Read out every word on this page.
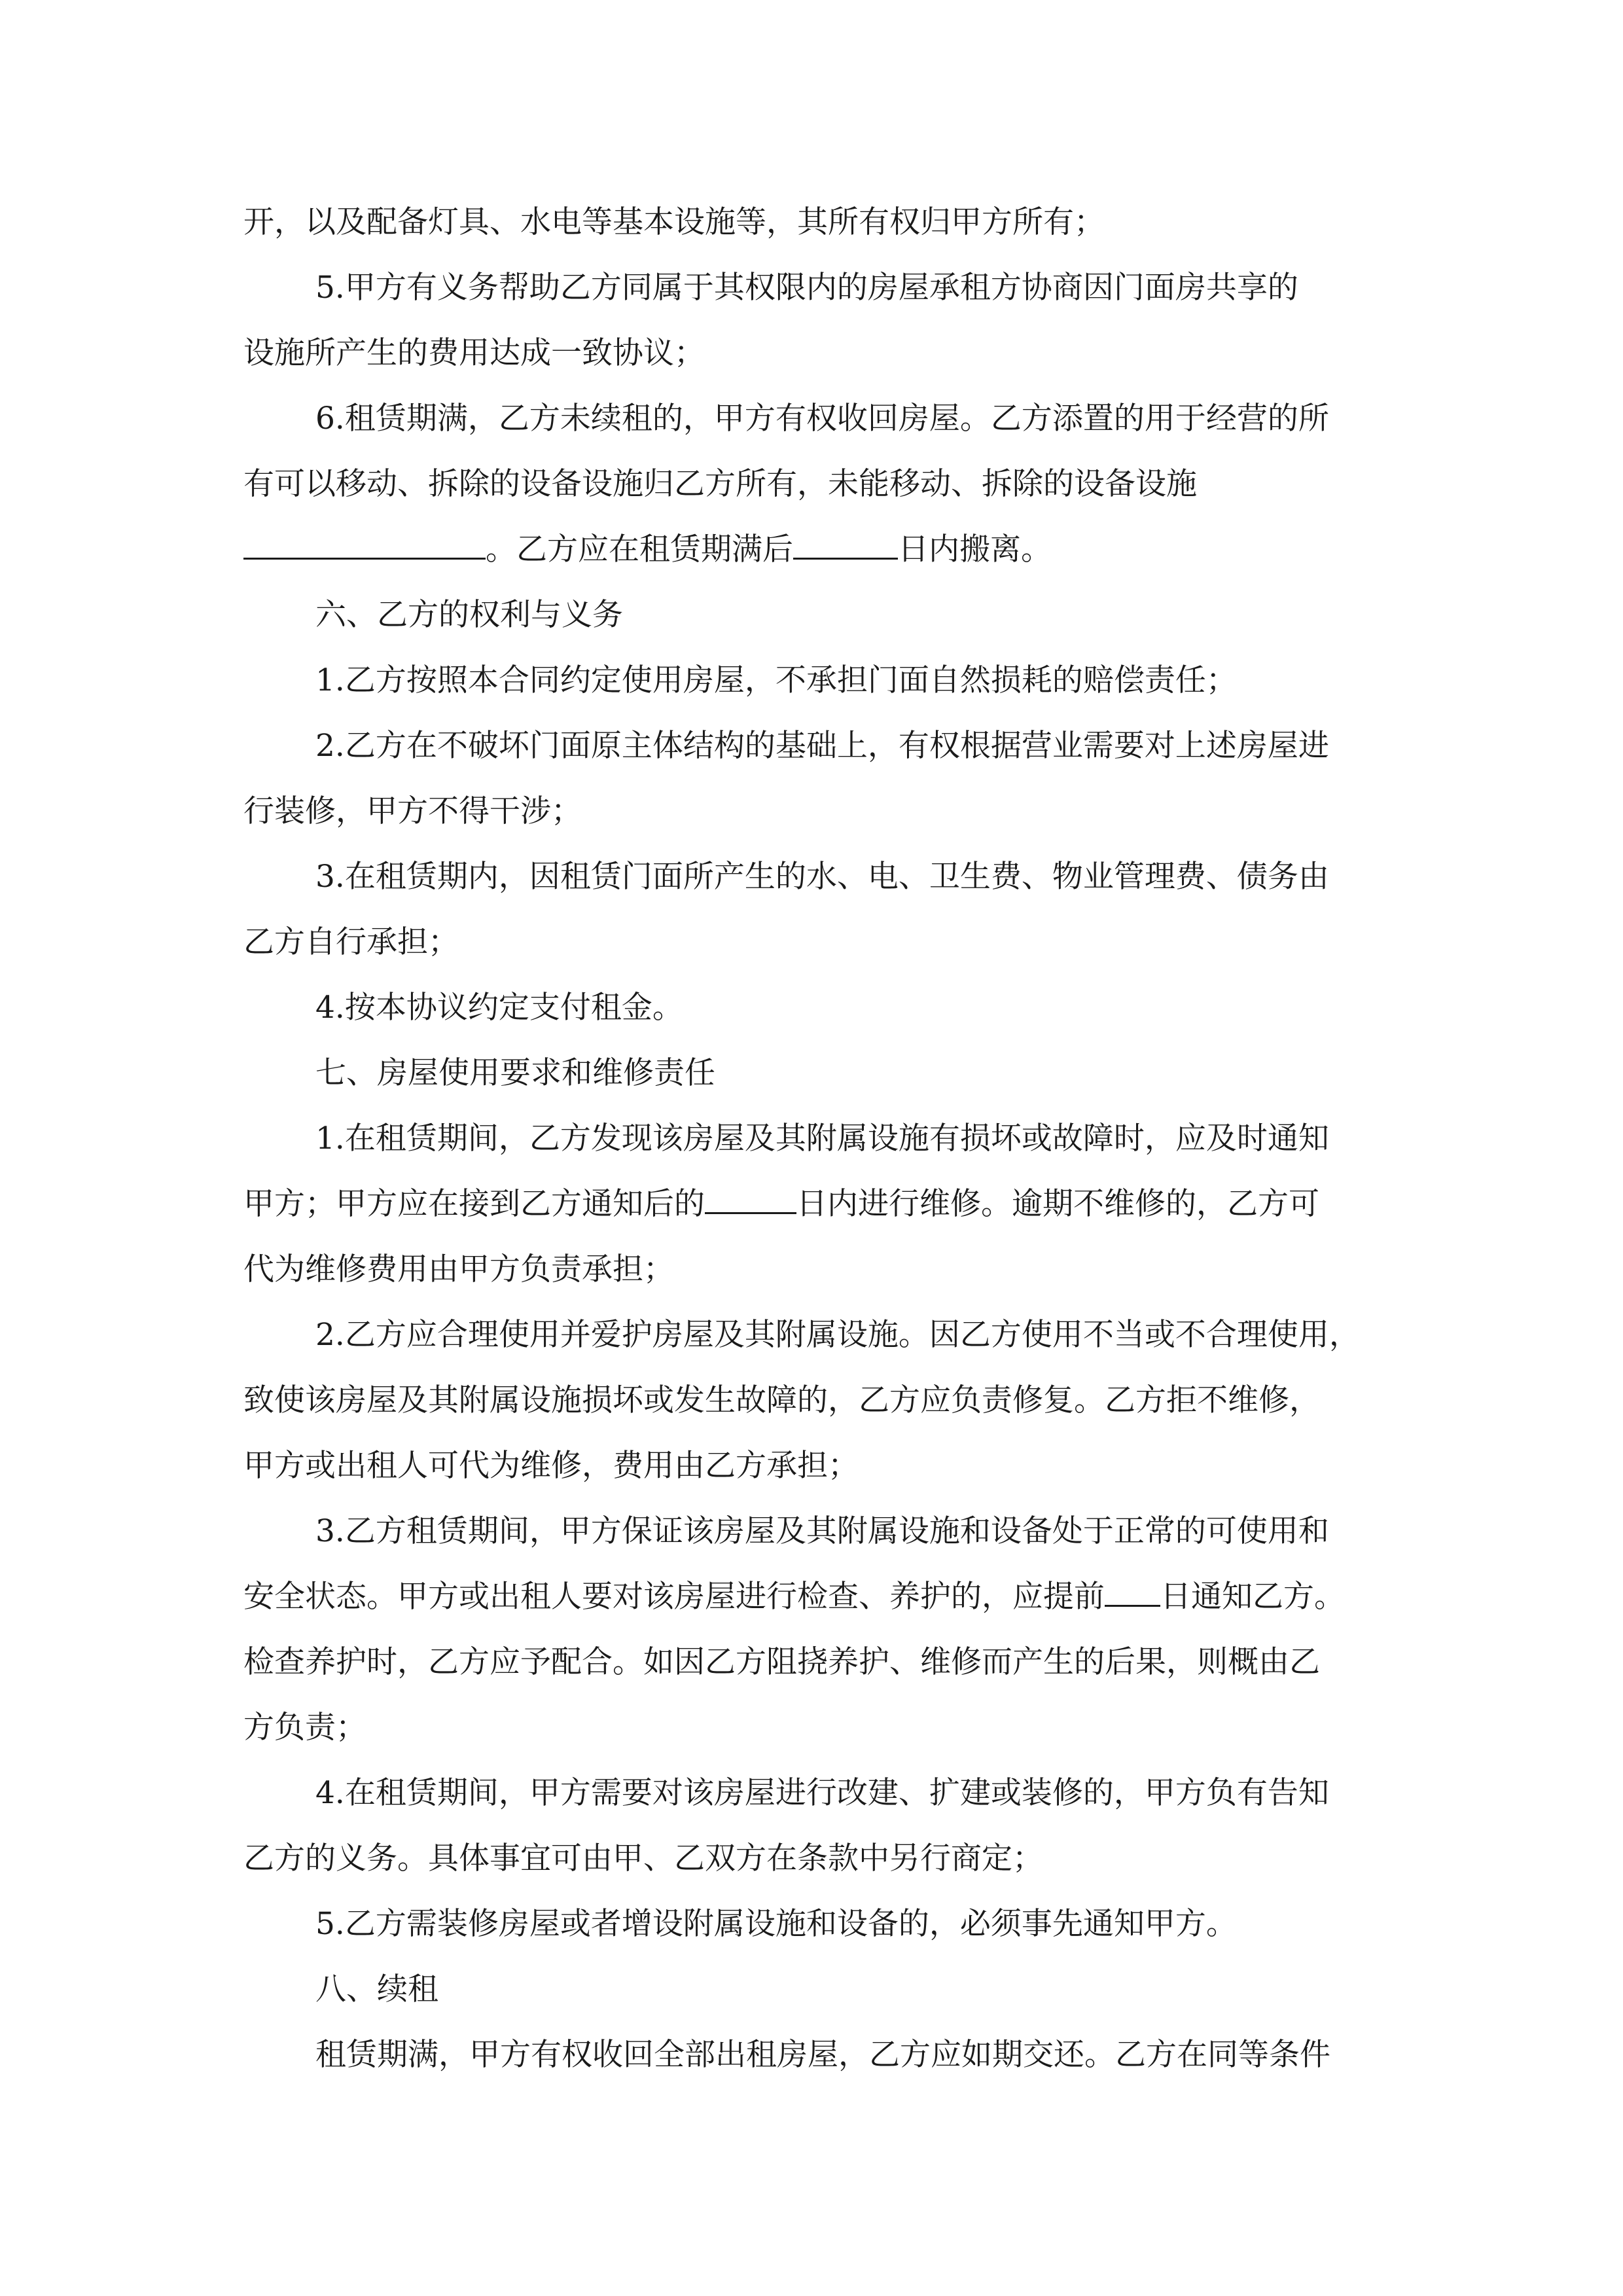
开，以及配备灯具、水电等基本设施等，其所有权归甲方所有；
5.甲方有义务帮助乙方同属于其权限内的房屋承租方协商因门面房共享的
设施所产生的费用达成一致协议；
6.租赁期满，乙方未续租的，甲方有权收回房屋。乙方添置的用于经营的所
有可以移动、拆除的设备设施归乙方所有，未能移动、拆除的设备设施
。乙方应在租赁期满后	日内搬离。
六、乙方的权利与义务
1.乙方按照本合同约定使用房屋，不承担门面自然损耗的赔偿责任；
2.乙方在不破坏门面原主体结构的基础上，有权根据营业需要对上述房屋进
行装修，甲方不得干涉；
3.在租赁期内，因租赁门面所产生的水、电、卫生费、物业管理费、债务由
乙方自行承担；
4.按本协议约定支付租金。
七、房屋使用要求和维修责任
1.在租赁期间，乙方发现该房屋及其附属设施有损坏或故障时，应及时通知
甲方；甲方应在接到乙方通知后的	日内进行维修。逾期不维修的，乙方可
代为维修费用由甲方负责承担；
2.乙方应合理使用并爱护房屋及其附属设施。因乙方使用不当或不合理使用，
致使该房屋及其附属设施损坏或发生故障的，乙方应负责修复。乙方拒不维修，
甲方或出租人可代为维修，费用由乙方承担；
3.乙方租赁期间，甲方保证该房屋及其附属设施和设备处于正常的可使用和
安全状态。甲方或出租人要对该房屋进行检查、养护的，应提前 日通知乙方。
检查养护时，乙方应予配合。如因乙方阻挠养护、维修而产生的后果，则概由乙
方负责；
4.在租赁期间，甲方需要对该房屋进行改建、扩建或装修的，甲方负有告知
乙方的义务。具体事宜可由甲、乙双方在条款中另行商定；
5.乙方需装修房屋或者增设附属设施和设备的，必须事先通知甲方。
八、续租
租赁期满，甲方有权收回全部出租房屋，乙方应如期交还。乙方在同等条件
